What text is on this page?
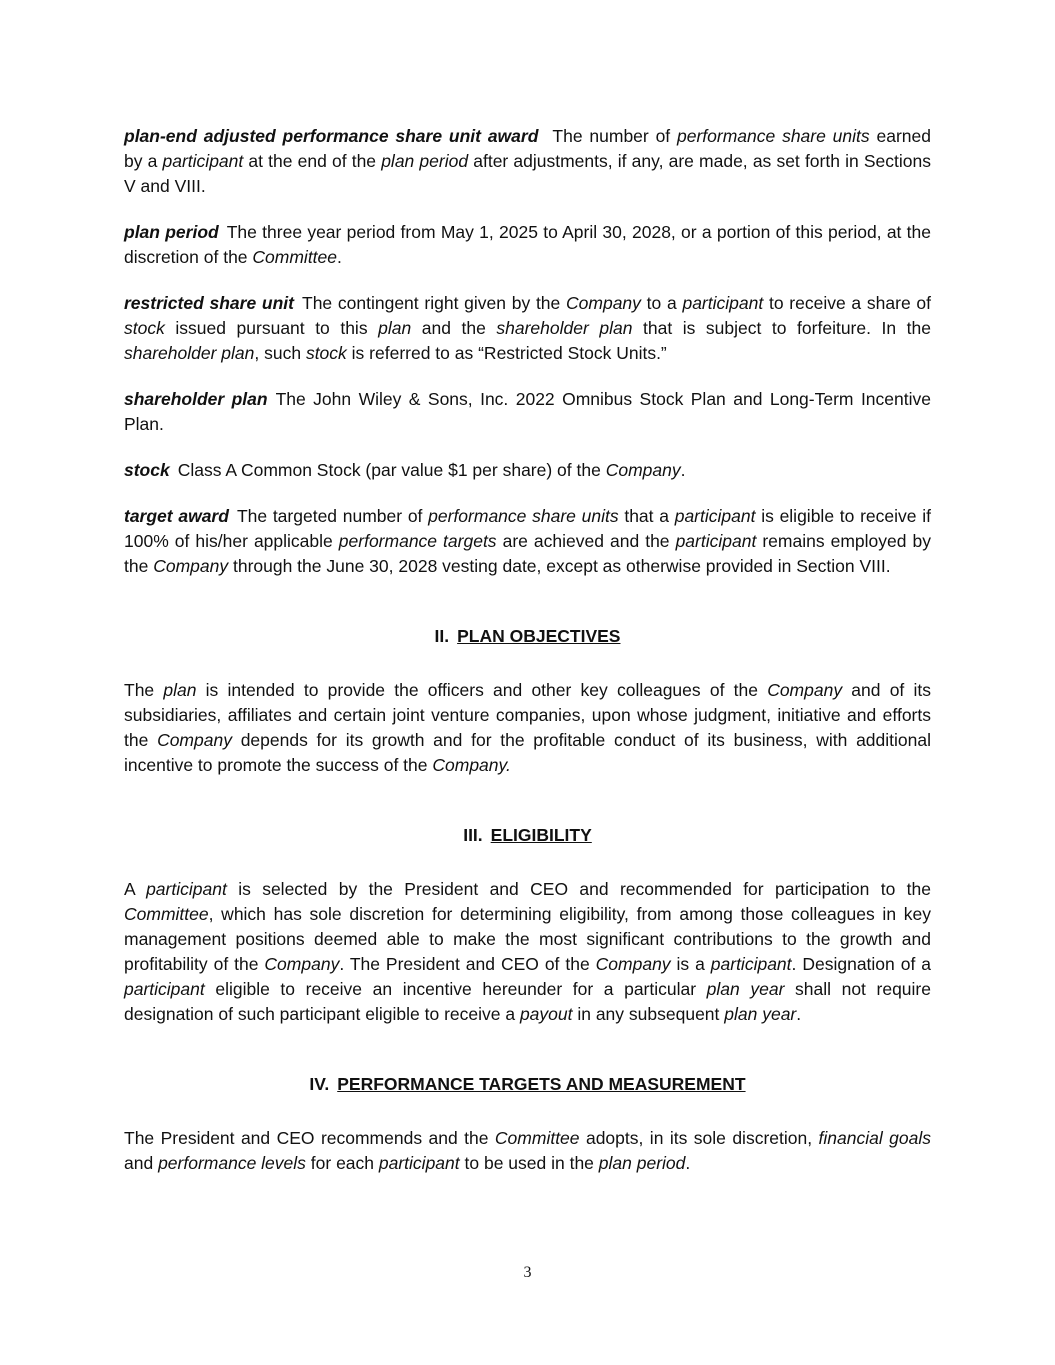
plan-end adjusted performance share unit award The number of performance share units earned by a participant at the end of the plan period after adjustments, if any, are made, as set forth in Sections V and VIII.

plan period The three year period from May 1, 2025 to April 30, 2028, or a portion of this period, at the discretion of the Committee.

restricted share unit The contingent right given by the Company to a participant to receive a share of stock issued pursuant to this plan and the shareholder plan that is subject to forfeiture. In the shareholder plan, such stock is referred to as “Restricted Stock Units.”

shareholder plan The John Wiley & Sons, Inc. 2022 Omnibus Stock Plan and Long-Term Incentive Plan.

stock Class A Common Stock (par value $1 per share) of the Company.

target award The targeted number of performance share units that a participant is eligible to receive if 100% of his/her applicable performance targets are achieved and the participant remains employed by the Company through the June 30, 2028 vesting date, except as otherwise provided in Section VIII.

II. PLAN OBJECTIVES

The plan is intended to provide the officers and other key colleagues of the Company and of its subsidiaries, affiliates and certain joint venture companies, upon whose judgment, initiative and efforts the Company depends for its growth and for the profitable conduct of its business, with additional incentive to promote the success of the Company.

III. ELIGIBILITY

A participant is selected by the President and CEO and recommended for participation to the Committee, which has sole discretion for determining eligibility, from among those colleagues in key management positions deemed able to make the most significant contributions to the growth and profitability of the Company. The President and CEO of the Company is a participant. Designation of a participant eligible to receive an incentive hereunder for a particular plan year shall not require designation of such participant eligible to receive a payout in any subsequent plan year.

IV. PERFORMANCE TARGETS AND MEASUREMENT

The President and CEO recommends and the Committee adopts, in its sole discretion, financial goals and performance levels for each participant to be used in the plan period.

3
